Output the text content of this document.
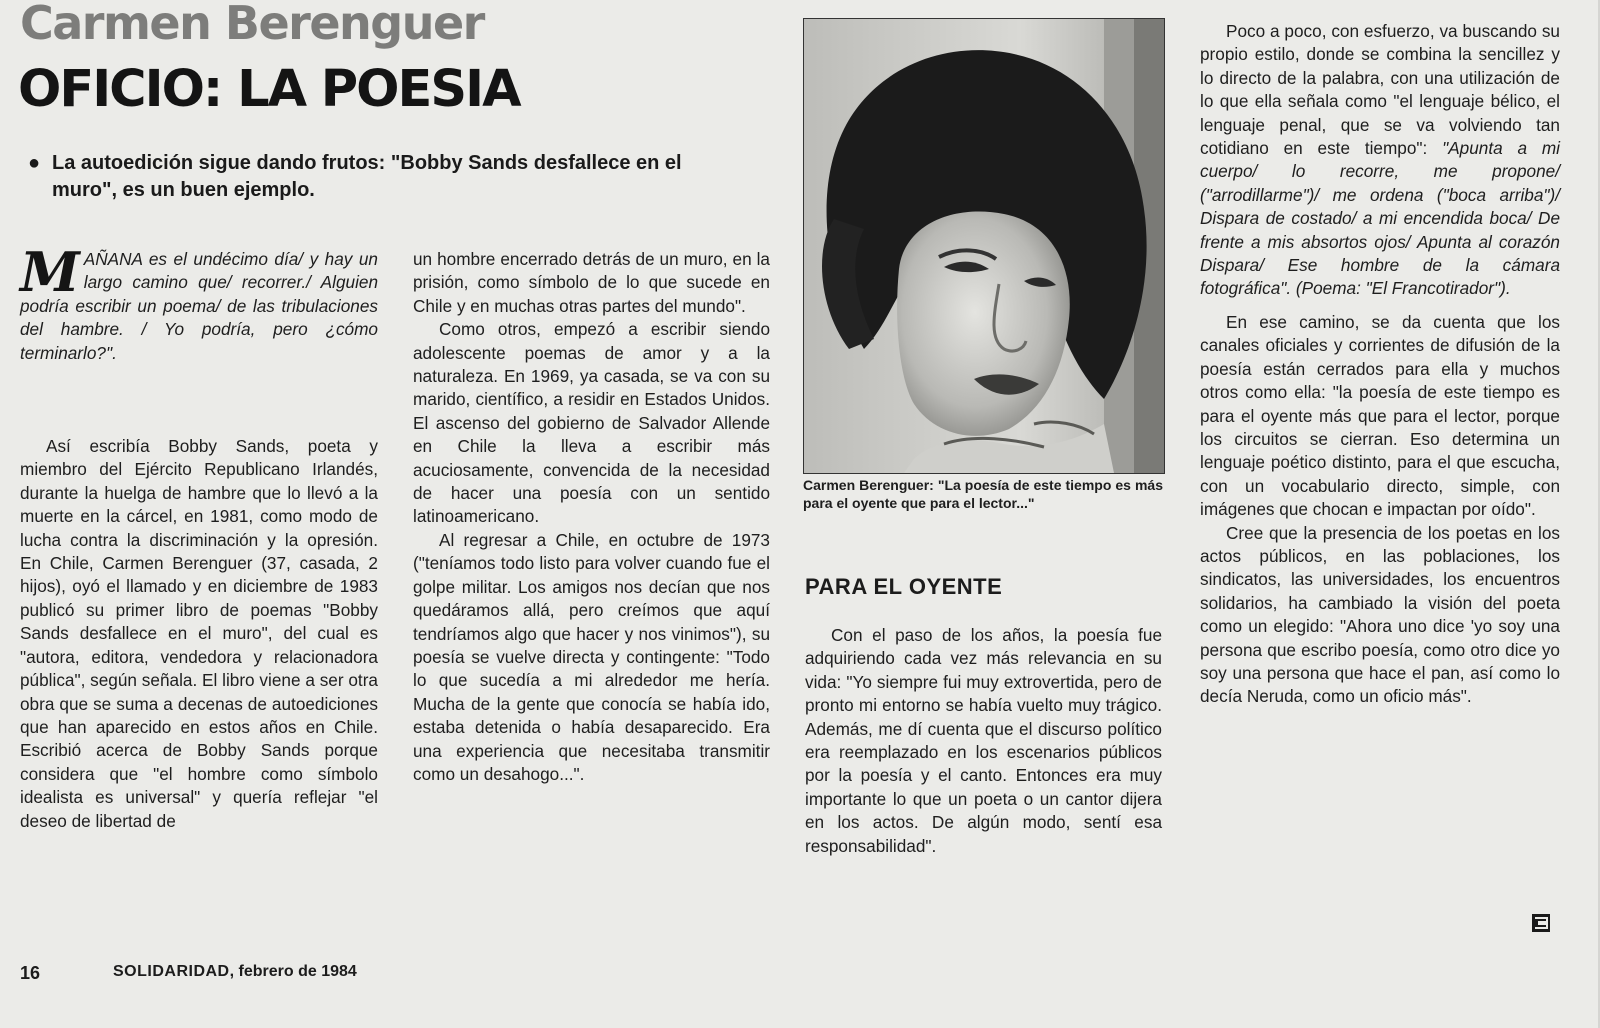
Carmen Berenguer
OFICIO: LA POESIA
● La autoedición sigue dando frutos: "Bobby Sands desfallece en el muro", es un buen ejemplo.

MAÑANA es el undécimo día/ y hay un largo camino que/ recorrer./ Alguien podría escribir un poema/ de las tribulaciones del hambre. / Yo podría, pero ¿cómo terminarlo?".

Así escribía Bobby Sands, poeta y miembro del Ejército Republicano Irlandés, durante la huelga de hambre que lo llevó a la muerte en la cárcel, en 1981, como modo de lucha contra la discriminación y la opresión. En Chile, Carmen Berenguer (37, casada, 2 hijos), oyó el llamado y en diciembre de 1983 publicó su primer libro de poemas "Bobby Sands desfallece en el muro", del cual es "autora, editora, vendedora y relacionadora pública", según señala. El libro viene a ser otra obra que se suma a decenas de autoediciones que han aparecido en estos años en Chile. Escribió acerca de Bobby Sands porque considera que "el hombre como símbolo idealista es universal" y quería reflejar "el deseo de libertad de

un hombre encerrado detrás de un muro, en la prisión, como símbolo de lo que sucede en Chile y en muchas otras partes del mundo".

Como otros, empezó a escribir siendo adolescente poemas de amor y a la naturaleza. En 1969, ya casada, se va con su marido, científico, a residir en Estados Unidos. El ascenso del gobierno de Salvador Allende en Chile la lleva a escribir más acuciosamente, convencida de la necesidad de hacer una poesía con un sentido latinoamericano.

Al regresar a Chile, en octubre de 1973 ("teníamos todo listo para volver cuando fue el golpe militar. Los amigos nos decían que nos quedáramos allá, pero creímos que aquí tendríamos algo que hacer y nos vinimos"), su poesía se vuelve directa y contingente: "Todo lo que sucedía a mi alrededor me hería. Mucha de la gente que conocía se había ido, estaba detenida o había desaparecido. Era una experiencia que necesitaba transmitir como un desahogo...".

Carmen Berenguer: "La poesía de este tiempo es más para el oyente que para el lector..."
PARA EL OYENTE

Con el paso de los años, la poesía fue adquiriendo cada vez más relevancia en su vida: "Yo siempre fui muy extrovertida, pero de pronto mi entorno se había vuelto muy trágico. Además, me dí cuenta que el discurso político era reemplazado en los escenarios públicos por la poesía y el canto. Entonces era muy importante lo que un poeta o un cantor dijera en los actos. De algún modo, sentí esa responsabilidad".

Poco a poco, con esfuerzo, va buscando su propio estilo, donde se combina la sencillez y lo directo de la palabra, con una utilización de lo que ella señala como "el lenguaje bélico, el lenguaje penal, que se va volviendo tan cotidiano en este tiempo": "Apunta a mi cuerpo/ lo recorre, me propone/ ("arrodillarme")/ me ordena ("boca arriba")/ Dispara de costado/ a mi encendida boca/ De frente a mis absortos ojos/ Apunta al corazón Dispara/ Ese hombre de la cámara fotográfica". (Poema: "El Francotirador").

En ese camino, se da cuenta que los canales oficiales y corrientes de difusión de la poesía están cerrados para ella y muchos otros como ella: "la poesía de este tiempo es para el oyente más que para el lector, porque los circuitos se cierran. Eso determina un lenguaje poético distinto, para el que escucha, con un vocabulario directo, simple, con imágenes que chocan e impactan por oído".

Cree que la presencia de los poetas en los actos públicos, en las poblaciones, los sindicatos, las universidades, los encuentros solidarios, ha cambiado la visión del poeta como un elegido: "Ahora uno dice 'yo soy una persona que escribo poesía, como otro dice yo soy una persona que hace el pan, así como lo decía Neruda, como un oficio más".

16	SOLIDARIDAD, febrero de 1984
